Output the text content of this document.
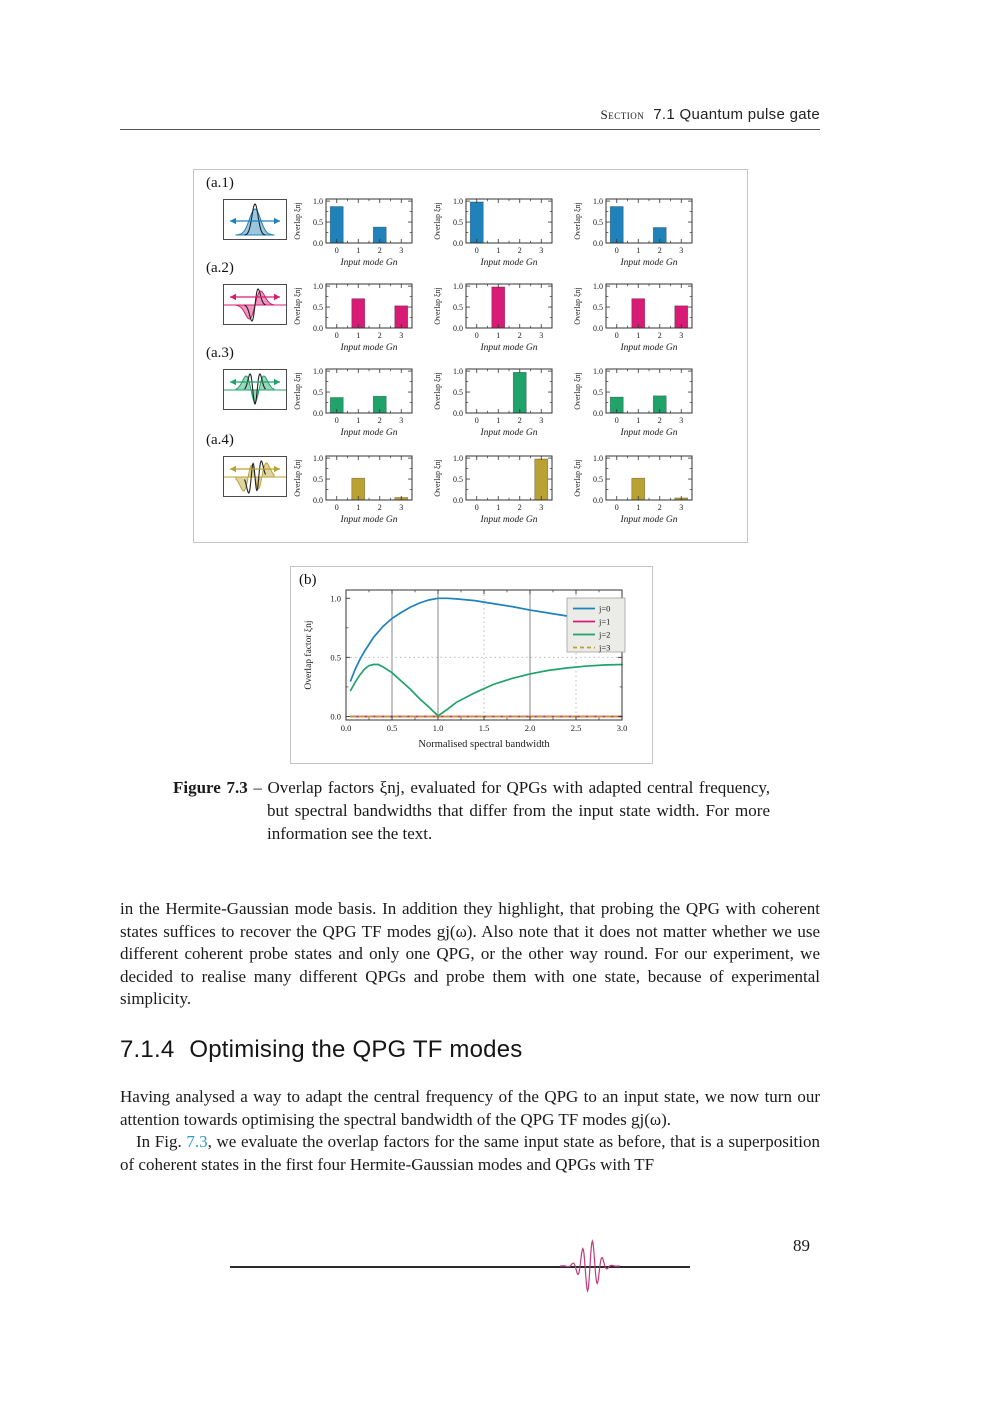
Section 7.1 Quantum pulse gate
(a.1)
0.0
0.5
1.0
0 1 2 3
Input mode Gn
Overlap ξnj
0.0
0.5
1.0
0 1 2 3
Input mode Gn
Overlap ξnj
0.0
0.5
1.0
0 1 2 3
Input mode Gn
Overlap ξnj
(a.2)
0.0
0.5
1.0
0 1 2 3
Input mode Gn
Overlap ξnj
0.0
0.5
1.0
0 1 2 3
Input mode Gn
Overlap ξnj
0.0
0.5
1.0
0 1 2 3
Input mode Gn
Overlap ξnj
(a.3)
0.0
0.5
1.0
0 1 2 3
Input mode Gn
Overlap ξnj
0.0
0.5
1.0
0 1 2 3
Input mode Gn
Overlap ξnj
0.0
0.5
1.0
0 1 2 3
Input mode Gn
Overlap ξnj
(a.4)
0.0
0.5
1.0
0 1 2 3
Input mode Gn
Overlap ξnj
0.0
0.5
1.0
0 1 2 3
Input mode Gn
Overlap ξnj
0.0
0.5
1.0
0 1 2 3
Input mode Gn
Overlap ξnj
(b)
0.0	0.5	1.0	1.5	2.0	2.5	3.0
0.0
0.5
1.0
Normalised spectral bandwidth
Overlap factor ξnj
j=0
j=1
j=2
j=3
Figure 7.3 – Overlap factors ξnj, evaluated for QPGs with adapted central frequency, but spectral bandwidths that differ from the input state width. For more information see the text.

in the Hermite-Gaussian mode basis. In addition they highlight, that probing the QPG with coherent states suffices to recover the QPG TF modes gj(ω). Also note that it does not matter whether we use different coherent probe states and only one QPG, or the other way round. For our experiment, we decided to realise many different QPGs and probe them with one state, because of experimental simplicity.

7.1.4 Optimising the QPG TF modes

Having analysed a way to adapt the central frequency of the QPG to an input state, we now turn our attention towards optimising the spectral bandwidth of the QPG TF modes gj(ω).

In Fig. 7.3, we evaluate the overlap factors for the same input state as before, that is a superposition of coherent states in the first four Hermite-Gaussian modes and QPGs with TF

89
